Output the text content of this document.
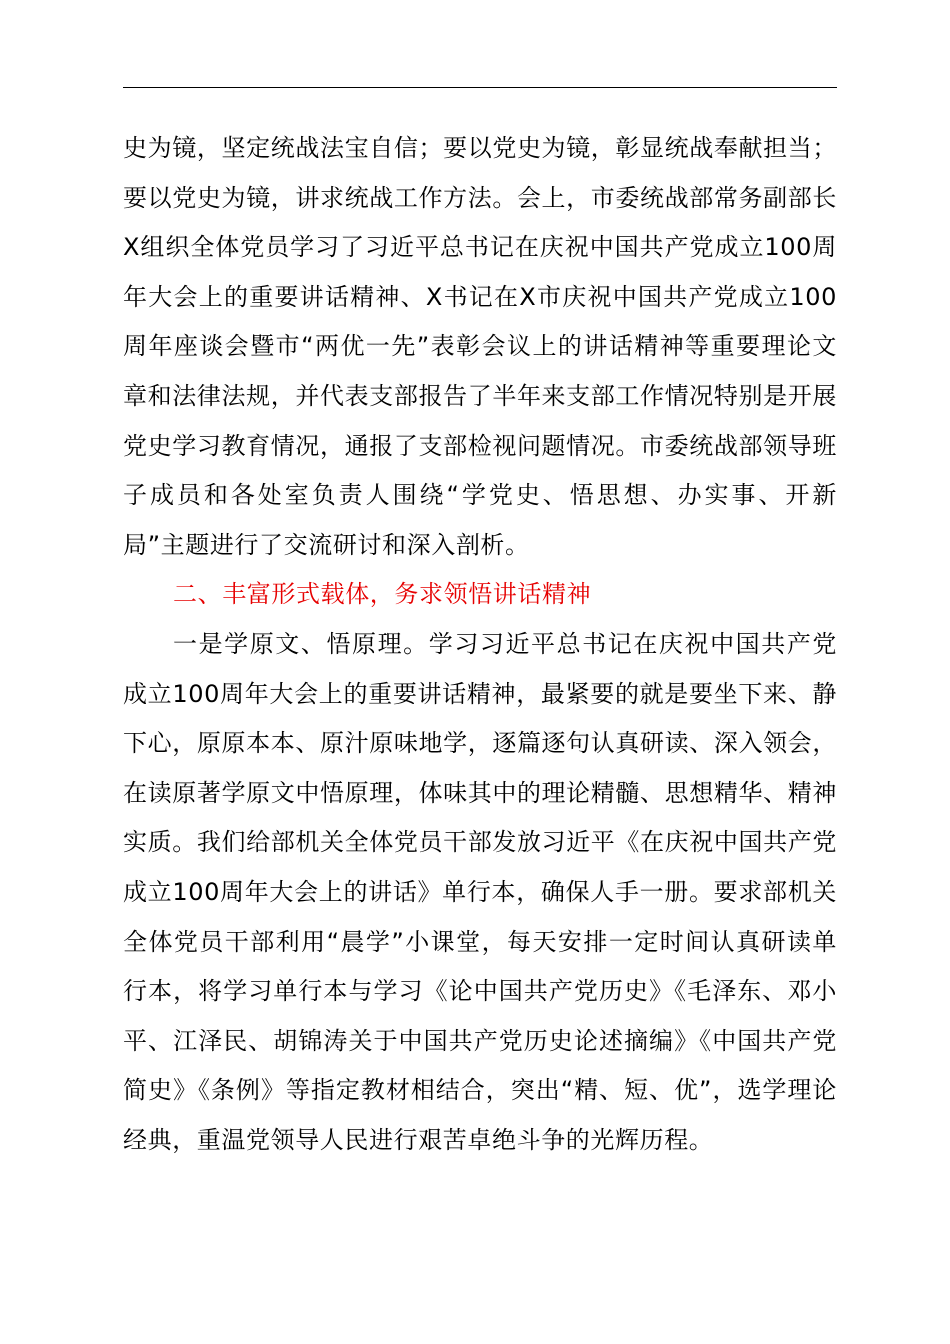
史为镜，坚定统战法宝自信；要以党史为镜，彰显统战奉献担当；要以党史为镜，讲求统战工作方法。会上，市委统战部常务副部长X组织全体党员学习了习近平总书记在庆祝中国共产党成立100周年大会上的重要讲话精神、X书记在X市庆祝中国共产党成立100周年座谈会暨市“两优一先”表彰会议上的讲话精神等重要理论文章和法律法规，并代表支部报告了半年来支部工作情况特别是开展党史学习教育情况，通报了支部检视问题情况。市委统战部领导班子成员和各处室负责人围绕“学党史、悟思想、办实事、开新局”主题进行了交流研讨和深入剖析。

二、丰富形式载体，务求领悟讲话精神

一是学原文、悟原理。学习习近平总书记在庆祝中国共产党成立100周年大会上的重要讲话精神，最紧要的就是要坐下来、静下心，原原本本、原汁原味地学，逐篇逐句认真研读、深入领会，在读原著学原文中悟原理，体味其中的理论精髓、思想精华、精神实质。我们给部机关全体党员干部发放习近平《在庆祝中国共产党成立100周年大会上的讲话》单行本，确保人手一册。要求部机关全体党员干部利用“晨学”小课堂，每天安排一定时间认真研读单行本，将学习单行本与学习《论中国共产党历史》《毛泽东、邓小平、江泽民、胡锦涛关于中国共产党历史论述摘编》《中国共产党简史》《条例》等指定教材相结合，突出“精、短、优”，选学理论经典，重温党领导人民进行艰苦卓绝斗争的光辉历程。
